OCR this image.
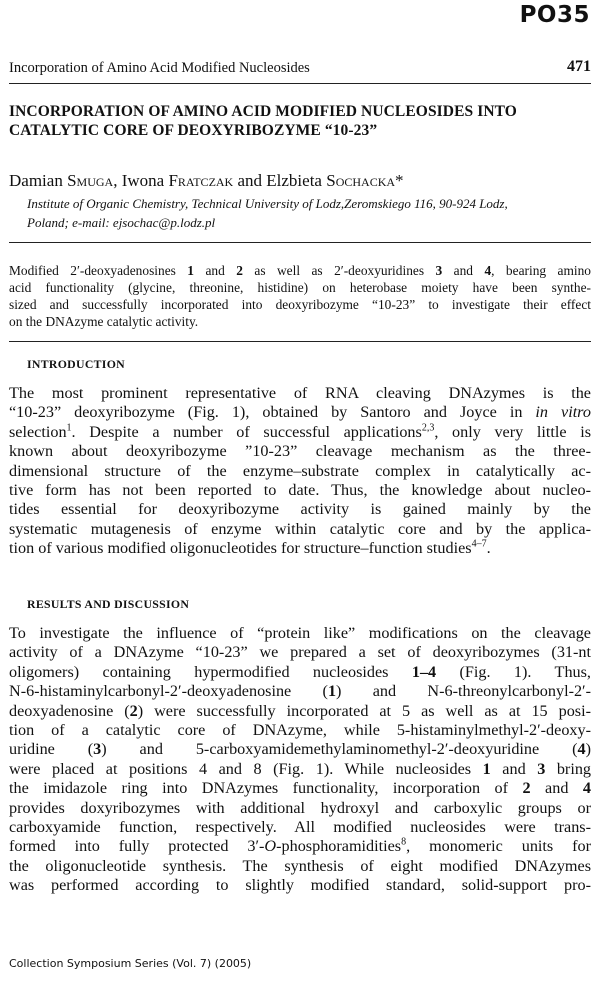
PO35
Incorporation of Amino Acid Modified Nucleosides	471
INCORPORATION OF AMINO ACID MODIFIED NUCLEOSIDES INTO
CATALYTIC CORE OF DEOXYRIBOZYME “10-23”
Damian Smuga, Iwona Fratczak and Elzbieta Sochacka*
Institute of Organic Chemistry, Technical University of Lodz,Zeromskiego 116, 90-924 Lodz,
Poland; e-mail: ejsochac@p.lodz.pl
Modified 2′-deoxyadenosines 1 and 2 as well as 2′-deoxyuridines 3 and 4, bearing amino
acid functionality (glycine, threonine, histidine) on heterobase moiety have been synthe-
sized and successfully incorporated into deoxyribozyme “10-23” to investigate their effect
on the DNAzyme catalytic activity.
INTRODUCTION
The most prominent representative of RNA cleaving DNAzymes is the
“10-23” deoxyribozyme (Fig. 1), obtained by Santoro and Joyce in in vitro
selection$^1$. Despite a number of successful applications$^{2,3}$, only very little is
known about deoxyribozyme ”10-23” cleavage mechanism as the three-
dimensional structure of the enzyme–substrate complex in catalytically ac-
tive form has not been reported to date. Thus, the knowledge about nucleo-
tides essential for deoxyribozyme activity is gained mainly by the
systematic mutagenesis of enzyme within catalytic core and by the applica-
tion of various modified oligonucleotides for structure–function studies$^{4-7}$.
RESULTS AND DISCUSSION
To investigate the influence of “protein like” modifications on the cleavage
activity of a DNAzyme “10-23” we prepared a set of deoxyribozymes (31-nt
oligomers) containing hypermodified nucleosides 1–4 (Fig. 1). Thus,
N-6-histaminylcarbonyl-2′-deoxyadenosine (1) and N-6-threonylcarbonyl-2′-
deoxyadenosine (2) were successfully incorporated at 5 as well as at 15 posi-
tion of a catalytic core of DNAzyme, while 5-histaminylmethyl-2′-deoxy-
uridine (3) and 5-carboxyamidemethylaminomethyl-2′-deoxyuridine (4)
were placed at positions 4 and 8 (Fig. 1). While nucleosides 1 and 3 bring
the imidazole ring into DNAzymes functionality, incorporation of 2 and 4
provides doxyribozymes with additional hydroxyl and carboxylic groups or
carboxyamide function, respectively. All modified nucleosides were trans-
formed into fully protected 3′-O-phosphoramidities$^8$, monomeric units for
the oligonucleotide synthesis. The synthesis of eight modified DNAzymes
was performed according to slightly modified standard, solid-support pro-
Collection Symposium Series (Vol. 7) (2005)
